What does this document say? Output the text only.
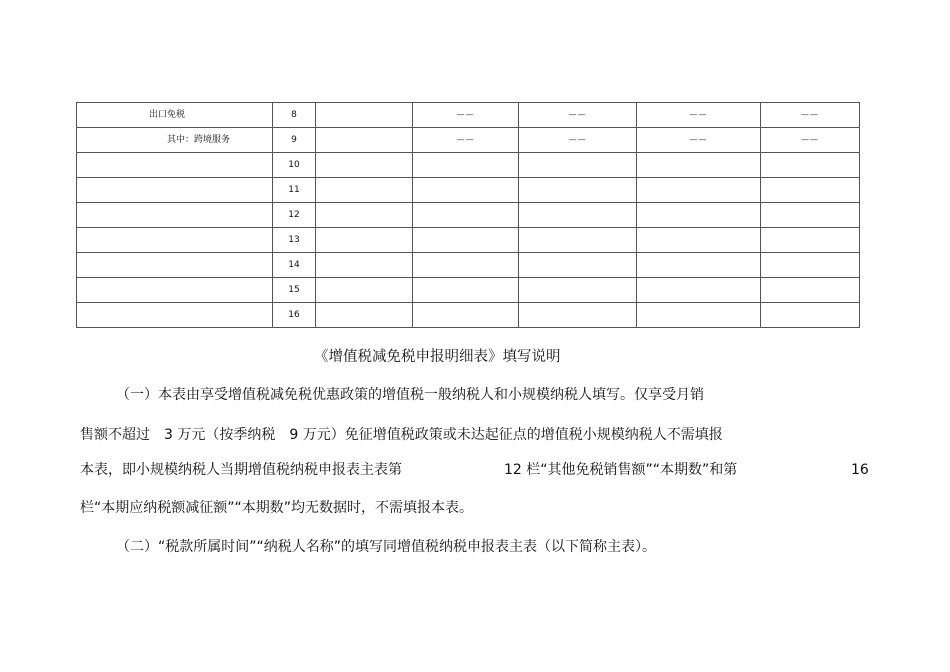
出口免税	8		——	——	——	——
其中：跨境服务	9		——	——	——	——
	10					
	11					
	12					
	13					
	14					
	15					
	16					
《增值税减免税申报明细表》填写说明

（一）本表由享受增值税减免税优惠政策的增值税一般纳税人和小规模纳税人填写。仅享受月销

售额不超过　3 万元（按季纳税　9 万元）免征增值税政策或未达起征点的增值税小规模纳税人不需填报

本表，即小规模纳税人当期增值税纳税申报表主表第	12 栏“其他免税销售额”“本期数”和第	16

栏“本期应纳税额减征额”“本期数”均无数据时，不需填报本表。

（二）“税款所属时间”“纳税人名称”的填写同增值税纳税申报表主表（以下简称主表）。
